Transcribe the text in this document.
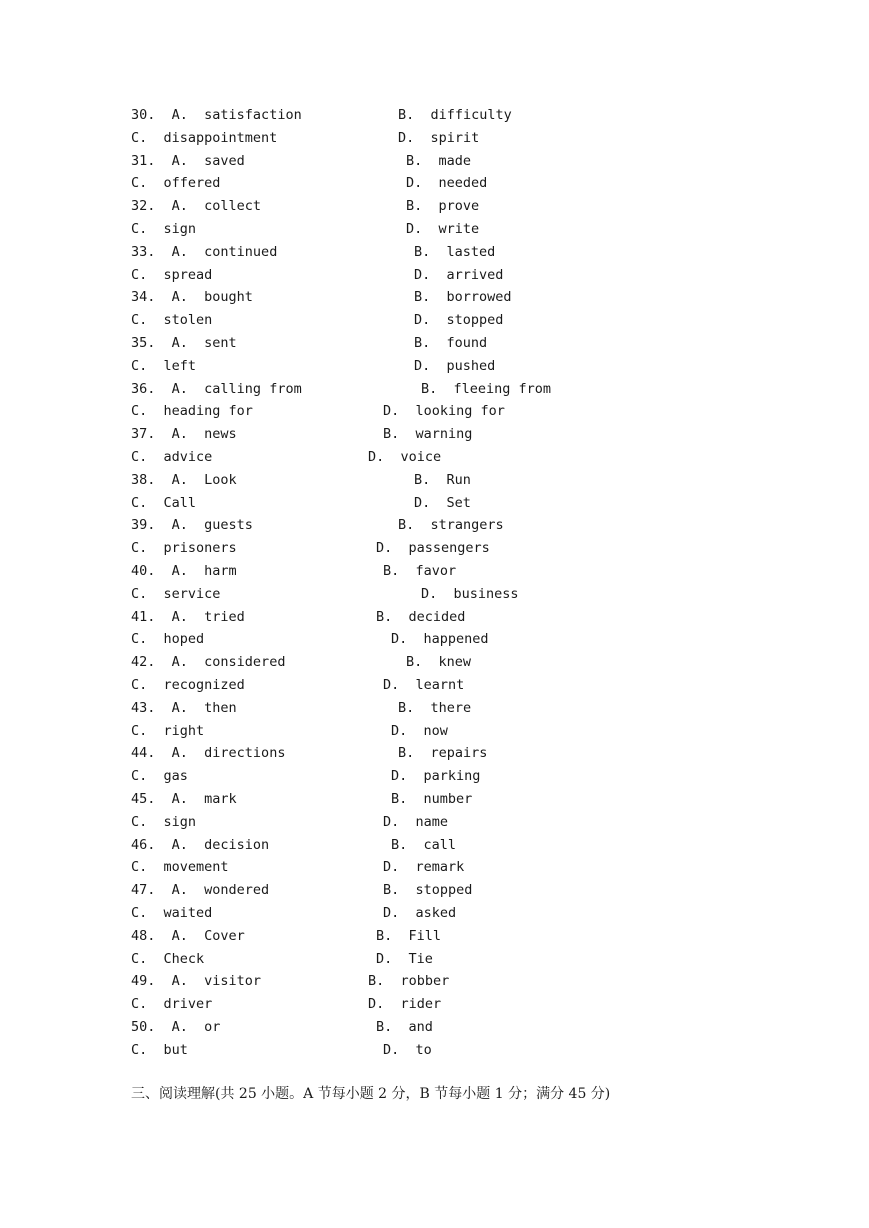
30. A.  satisfaction	B.  difficulty
C.  disappointment	D.  spirit
31. A.  saved	B.  made
C.  offered	D.  needed
32. A.  collect	B.  prove
C.  sign	D.  write
33. A.  continued	B.  lasted
C.  spread	D.  arrived
34. A.  bought	B.  borrowed
C.  stolen	D.  stopped
35. A.  sent	B.  found
C.  left	D.  pushed
36. A.  calling from	B.  fleeing from
C.  heading for	D.  looking for
37. A.  news	B.  warning
C.  advice	D.  voice
38. A.  Look	B.  Run
C.  Call	D.  Set
39. A.  guests	B.  strangers
C.  prisoners	D.  passengers
40. A.  harm	B.  favor
C.  service	D.  business
41. A.  tried	B.  decided
C.  hoped	D.  happened
42. A.  considered	B.  knew
C.  recognized	D.  learnt
43. A.  then	B.  there
C.  right	D.  now
44. A.  directions	B.  repairs
C.  gas	D.  parking
45. A.  mark	B.  number
C.  sign	D.  name
46. A.  decision	B.  call
C.  movement	D.  remark
47. A.  wondered	B.  stopped
C.  waited	D.  asked
48. A.  Cover	B.  Fill
C.  Check	D.  Tie
49. A.  visitor	B.  robber
C.  driver	D.  rider
50. A.  or	B.  and
C.  but	D.  to
三、阅读理解(共 25 小题。A 节每小题 2 分，B 节每小题 1 分；满分 45 分)
